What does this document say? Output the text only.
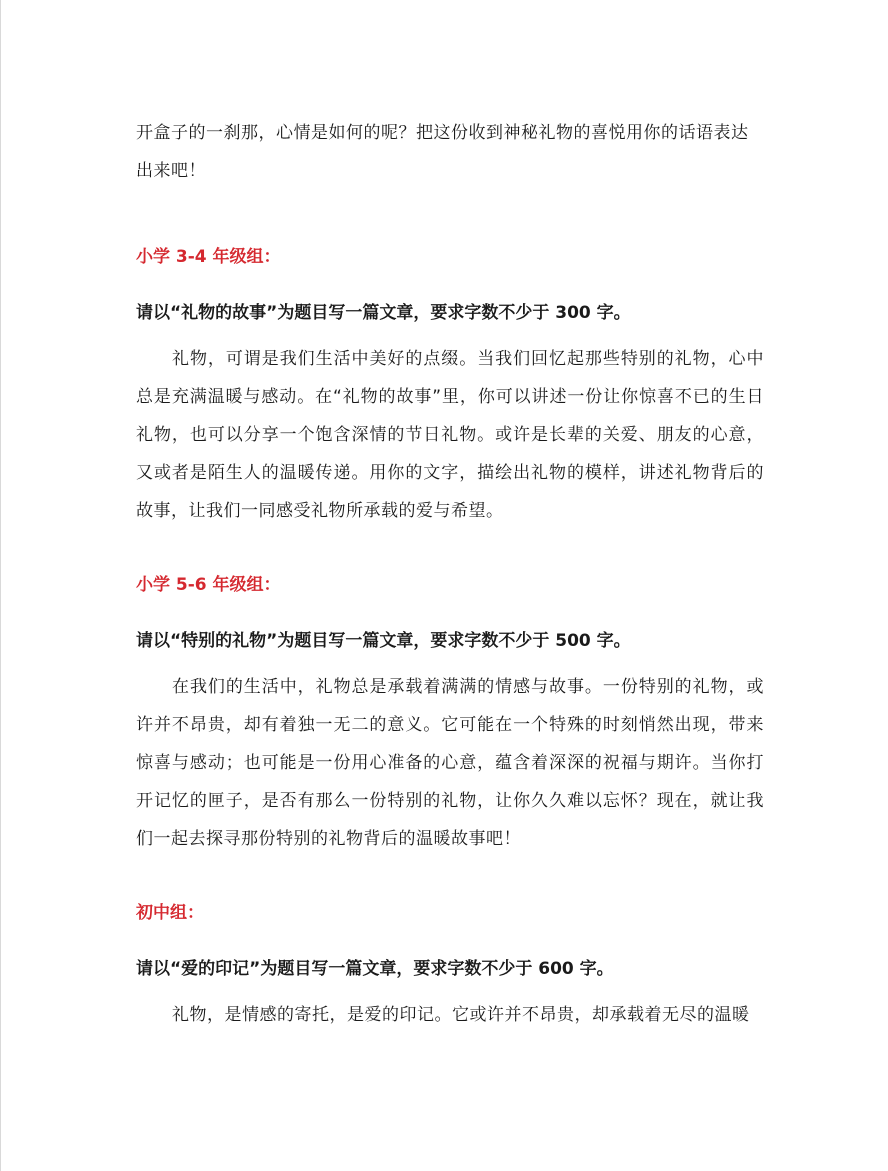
开盒子的一刹那，心情是如何的呢？把这份收到神秘礼物的喜悦用你的话语表达

出来吧！

小学 3-4 年级组：

请以“礼物的故事”为题目写一篇文章，要求字数不少于 300 字。

礼物，可谓是我们生活中美好的点缀。当我们回忆起那些特别的礼物，心中总是充满温暖与感动。在“礼物的故事”里，你可以讲述一份让你惊喜不已的生日礼物，也可以分享一个饱含深情的节日礼物。或许是长辈的关爱、朋友的心意，又或者是陌生人的温暖传递。用你的文字，描绘出礼物的模样，讲述礼物背后的故事，让我们一同感受礼物所承载的爱与希望。

小学 5-6 年级组：

请以“特别的礼物”为题目写一篇文章，要求字数不少于 500 字。

在我们的生活中，礼物总是承载着满满的情感与故事。一份特别的礼物，或许并不昂贵，却有着独一无二的意义。它可能在一个特殊的时刻悄然出现，带来惊喜与感动；也可能是一份用心准备的心意，蕴含着深深的祝福与期许。当你打开记忆的匣子，是否有那么一份特别的礼物，让你久久难以忘怀？现在，就让我们一起去探寻那份特别的礼物背后的温暖故事吧！

初中组：

请以“爱的印记”为题目写一篇文章，要求字数不少于 600 字。

礼物，是情感的寄托，是爱的印记。它或许并不昂贵，却承载着无尽的温暖
